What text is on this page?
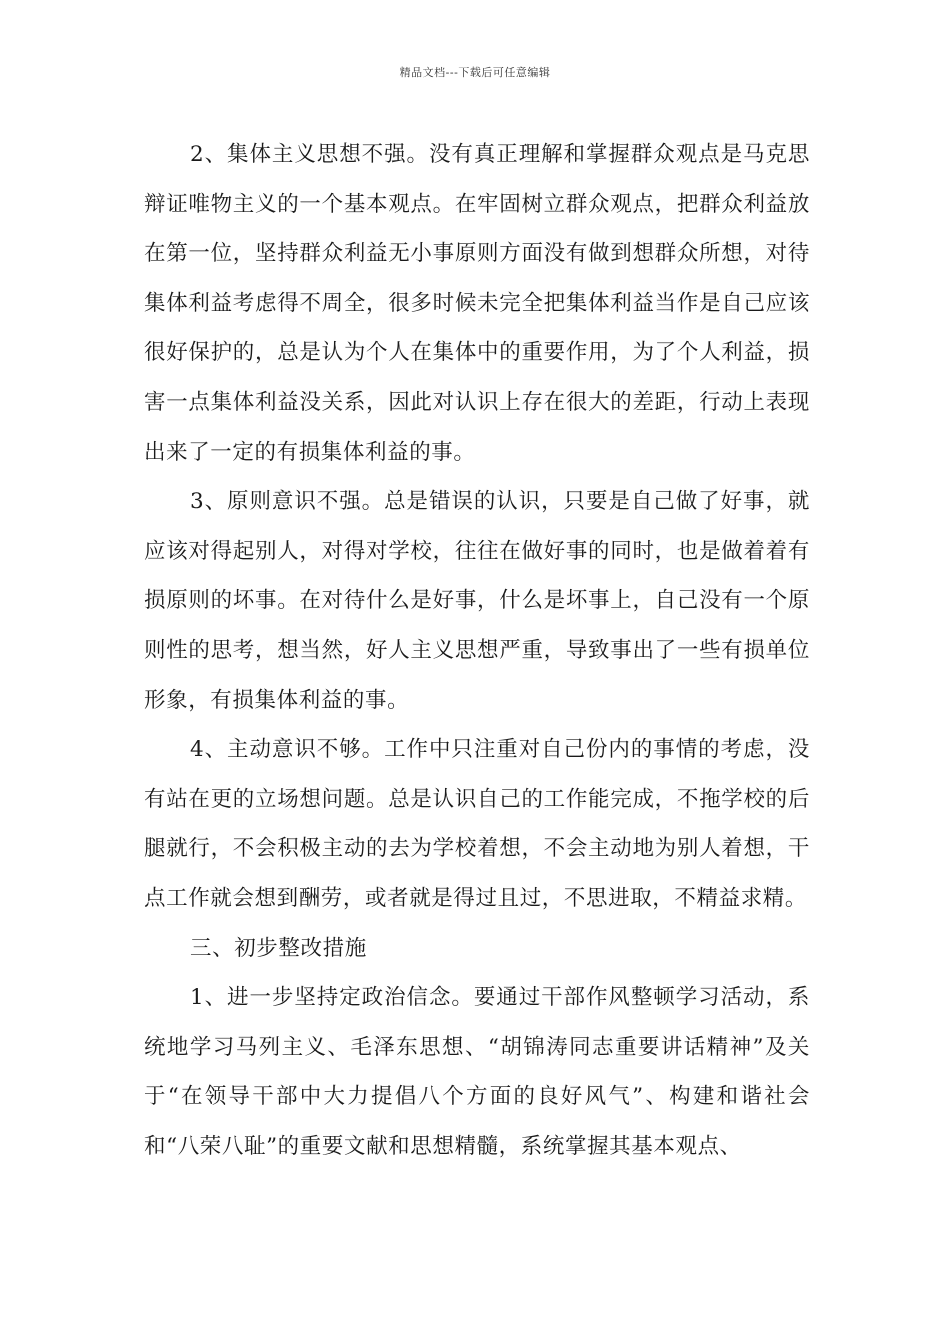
精品文档---下载后可任意编辑

2、集体主义思想不强。没有真正理解和掌握群众观点是马克思辩证唯物主义的一个基本观点。在牢固树立群众观点，把群众利益放在第一位，坚持群众利益无小事原则方面没有做到想群众所想，对待集体利益考虑得不周全，很多时候未完全把集体利益当作是自己应该很好保护的，总是认为个人在集体中的重要作用，为了个人利益，损害一点集体利益没关系，因此对认识上存在很大的差距，行动上表现出来了一定的有损集体利益的事。

3、原则意识不强。总是错误的认识，只要是自己做了好事，就应该对得起别人，对得对学校，往往在做好事的同时，也是做着着有损原则的坏事。在对待什么是好事，什么是坏事上，自己没有一个原则性的思考，想当然，好人主义思想严重，导致事出了一些有损单位形象，有损集体利益的事。

4、主动意识不够。工作中只注重对自己份内的事情的考虑，没有站在更的立场想问题。总是认识自己的工作能完成，不拖学校的后腿就行，不会积极主动的去为学校着想，不会主动地为别人着想，干点工作就会想到酬劳，或者就是得过且过，不思进取，不精益求精。

三、初步整改措施

1、进一步坚持定政治信念。要通过干部作风整顿学习活动，系统地学习马列主义、毛泽东思想、“胡锦涛同志重要讲话精神”及关于“在领导干部中大力提倡八个方面的良好风气”、构建和谐社会和“八荣八耻”的重要文献和思想精髓，系统掌握其基本观点、
